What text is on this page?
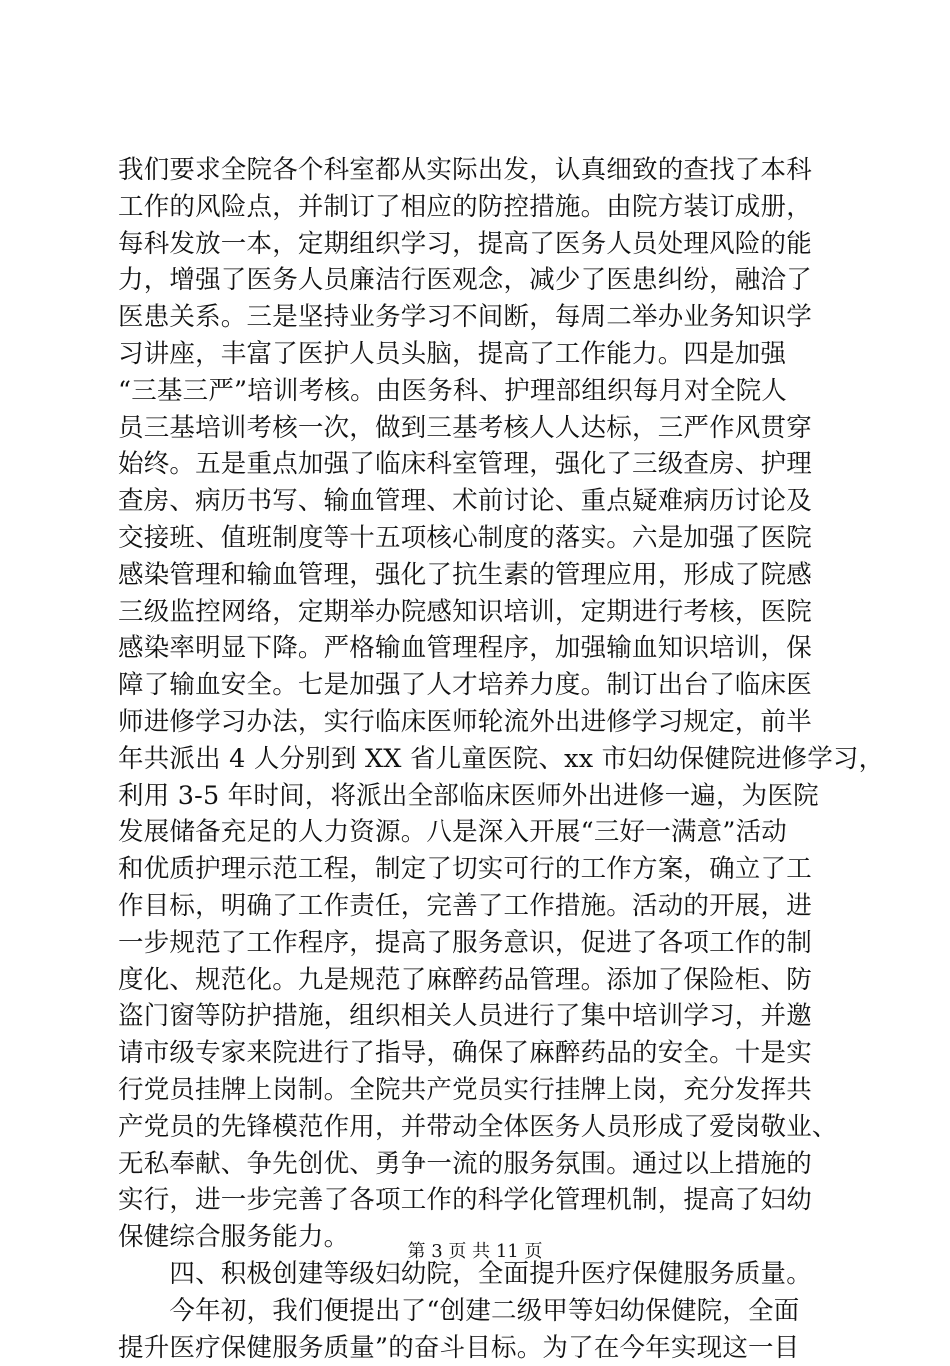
我们要求全院各个科室都从实际出发，认真细致的查找了本科
工作的风险点，并制订了相应的防控措施。由院方装订成册，
每科发放一本，定期组织学习，提高了医务人员处理风险的能
力，增强了医务人员廉洁行医观念，减少了医患纠纷，融洽了
医患关系。三是坚持业务学习不间断，每周二举办业务知识学
习讲座，丰富了医护人员头脑，提高了工作能力。四是加强
“三基三严”培训考核。由医务科、护理部组织每月对全院人
员三基培训考核一次，做到三基考核人人达标，三严作风贯穿
始终。五是重点加强了临床科室管理，强化了三级查房、护理
查房、病历书写、输血管理、术前讨论、重点疑难病历讨论及
交接班、值班制度等十五项核心制度的落实。六是加强了医院
感染管理和输血管理，强化了抗生素的管理应用，形成了院感
三级监控网络，定期举办院感知识培训，定期进行考核，医院
感染率明显下降。严格输血管理程序，加强输血知识培训，保
障了输血安全。七是加强了人才培养力度。制订出台了临床医
师进修学习办法，实行临床医师轮流外出进修学习规定，前半
年共派出 4 人分别到 XX 省儿童医院、xx 市妇幼保健院进修学习，
利用 3-5 年时间，将派出全部临床医师外出进修一遍，为医院
发展储备充足的人力资源。八是深入开展“三好一满意”活动
和优质护理示范工程，制定了切实可行的工作方案，确立了工
作目标，明确了工作责任，完善了工作措施。活动的开展，进
一步规范了工作程序，提高了服务意识，促进了各项工作的制
度化、规范化。九是规范了麻醉药品管理。添加了保险柜、防
盗门窗等防护措施，组织相关人员进行了集中培训学习，并邀
请市级专家来院进行了指导，确保了麻醉药品的安全。十是实
行党员挂牌上岗制。全院共产党员实行挂牌上岗，充分发挥共
产党员的先锋模范作用，并带动全体医务人员形成了爱岗敬业、
无私奉献、争先创优、勇争一流的服务氛围。通过以上措施的
实行，进一步完善了各项工作的科学化管理机制，提高了妇幼
保健综合服务能力。
　　四、积极创建等级妇幼院，全面提升医疗保健服务质量。
　　今年初，我们便提出了“创建二级甲等妇幼保健院，全面
提升医疗保健服务质量”的奋斗目标。为了在今年实现这一目
第 3 页 共 11 页
